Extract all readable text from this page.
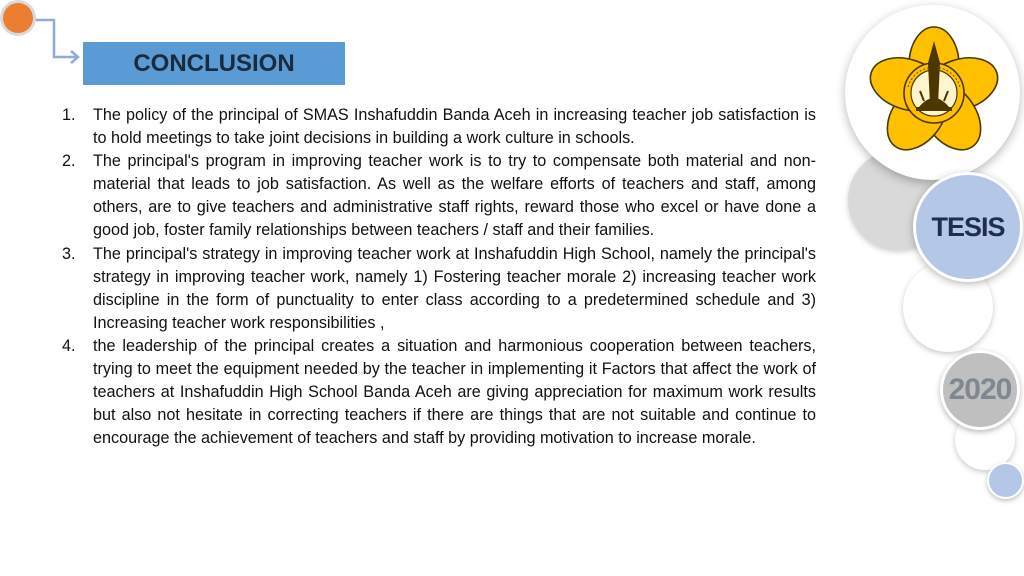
CONCLUSION
1.	The policy of the principal of SMAS Inshafuddin Banda Aceh in increasing teacher job satisfaction is to hold meetings to take joint decisions in building a work culture in schools.
2.	The principal's program in improving teacher work is to try to compensate both material and non-material that leads to job satisfaction. As well as the welfare efforts of teachers and staff, among others, are to give teachers and administrative staff rights, reward those who excel or have done a good job, foster family relationships between teachers / staff and their families.
3.	The principal's strategy in improving teacher work at Inshafuddin High School, namely the principal's strategy in improving teacher work, namely 1) Fostering teacher morale 2) increasing teacher work discipline in the form of punctuality to enter class according to a predetermined schedule and 3) Increasing teacher work responsibilities ,
4.	the leadership of the principal creates a situation and harmonious cooperation between teachers, trying to meet the equipment needed by the teacher in implementing it Factors that affect the work of teachers at Inshafuddin High School Banda Aceh are giving appreciation for maximum work results but also not hesitate in correcting teachers if there are things that are not suitable and continue to encourage the achievement of teachers and staff by providing motivation to increase morale.
TESIS
2020
